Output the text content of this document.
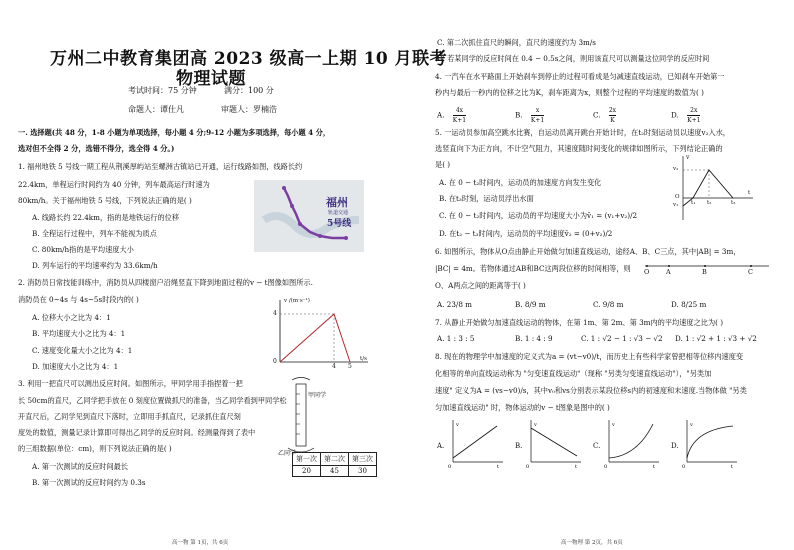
万州二中教育集团高 2023 级高一上期 10 月联考
物理试题
考试时间：75 分钟	满分：100 分
命题人：谭仕凡	审题人：罗楠浩
一. 选择题(共 48 分，1-8 小题为单项选择，每小题 4 分;9-12 小题为多项选择，每小题 4 分，
选对但不全得 2 分，选错不得分，选全得 4 分。)
1. 福州地铁 5 号线一期工程从荆溪厚屿站至螺洲古镇站已开通，运行线路如图，线路长约
22.4km，单程运行时间约为 40 分钟，列车最高运行时速为
80km/h。关于福州地铁 5 号线，下列说法正确的是( )
A. 线路长约 22.4km，指的是地铁运行的位移
B. 全程运行过程中，列车不能视为质点
C. 80km/h指的是平均速度大小
D. 列车运行的平均速率约为 33.6km/h
福州
轨道交通
5号线
2. 消防员日常技能训练中，消防员从四楼窗户沿绳竖直下降到地面过程的v − t图像如图所示.
消防员在 0~4s 与 4s~5s时段内的( )
A. 位移大小之比为 4：1
B. 平均速度大小之比为 4：1
C. 速度变化量大小之比为 4：1
D. 加速度大小之比为 4：1
v /(m·s⁻¹)
4
0
4 5
t/s
3. 利用一把直尺可以测出反应时间。如图所示，甲同学用手指捏着一把
长 50cm的直尺，乙同学把手放在 0 刻度位置做抓尺的准备，当乙同学看到甲同学松
开直尺后，乙同学见到直尺下落时，立即用手抓直尺，记录抓住直尺刻
度处的数值，测量记录计算即可得出乙同学的反应时间。经测量得到了表中
的三组数据(单位：cm)，则下列说法正确的是( )
A. 第一次测试的反应时间最长
B. 第一次测试的反应时间约为 0.3s
甲同学
乙同学
第一次	第二次	第三次
20	45	30
高一物 第 1页，共 6页
C. 第二次抓住直尺的瞬间，直尺的速度约为 3m/s
D. 若某同学的反应时间在 0.4 − 0.5s之间，则用该直尺可以测量这位同学的反应时间
4. 一汽车在水平路面上开始刹车到停止的过程可看成是匀减速直线运动，已知刹车开始第一
秒内与最后一秒内的位移之比为K，刹车距离为x，则整个过程的平均速度的数值为( )
A. $\frac{4x}{K+1}$	B. $\frac{x}{K+1}$	C. $\frac{2x}{K}$	D. $\frac{2x}{K+1}$
5. 一运动员参加高空跳水比赛，自运动员离开跳台开始计时，在t₂时刻运动员以速度v₂入水，
选竖直向下为正方向，不计空气阻力，其速度随时间变化的规律如图所示，下列结论正确的
是( )
A. 在 0 − t₂时间内，运动员的加速度方向发生变化
B. 在t₃时刻，运动员浮出水面
C. 在 0 − t₂时间内，运动员的平均速度大小为v̄₁ = (v₁+v₂)/2
D. 在t₂ − t₃时间内，运动员的平均速度v̄₂ = (0+v₂)/2
v
v₂
v₁
O
t₁ t₂	t₃
t
6. 如图所示，物体从O点由静止开始做匀加速直线运动，途经A、B、C三点，其中|AB| = 3m，
|BC| = 4m。若物体通过AB和BC这两段位移的时间相等，则
O、A两点之间的距离等于( )
O	A	B	C
A. 23/8 m	B. 8/9 m	C. 9/8 m	D. 8/25 m
7. 从静止开始做匀加速直线运动的物体，在第 1m、第 2m、第 3m内的平均速度之比为( )
A. 1 : 3 : 5	B. 1 : 4 : 9	C. 1 : √2 − 1 : √3 − √2 D. 1 : √2 + 1 : √3 + √2
8. 现在的物理学中加速度的定义式为a = (vt−v0)/t，而历史上有些科学家曾把相等位移内速度变
化相等的单向直线运动称为 "匀变速直线运动"（现称 "另类匀变速直线运动"），"另类加
速度" 定义为A = (vs−v0)/s，其中v₀和vs分别表示某段位移s内的初速度和末速度.当物体做 "另类
匀加速直线运动" 时，物体运动的v − t图象是图中的( )
A.
v
t
0
B.
v
t
0
C.
v
t
0
D.
v
t
0
高一物理 第 2页，共 6页
